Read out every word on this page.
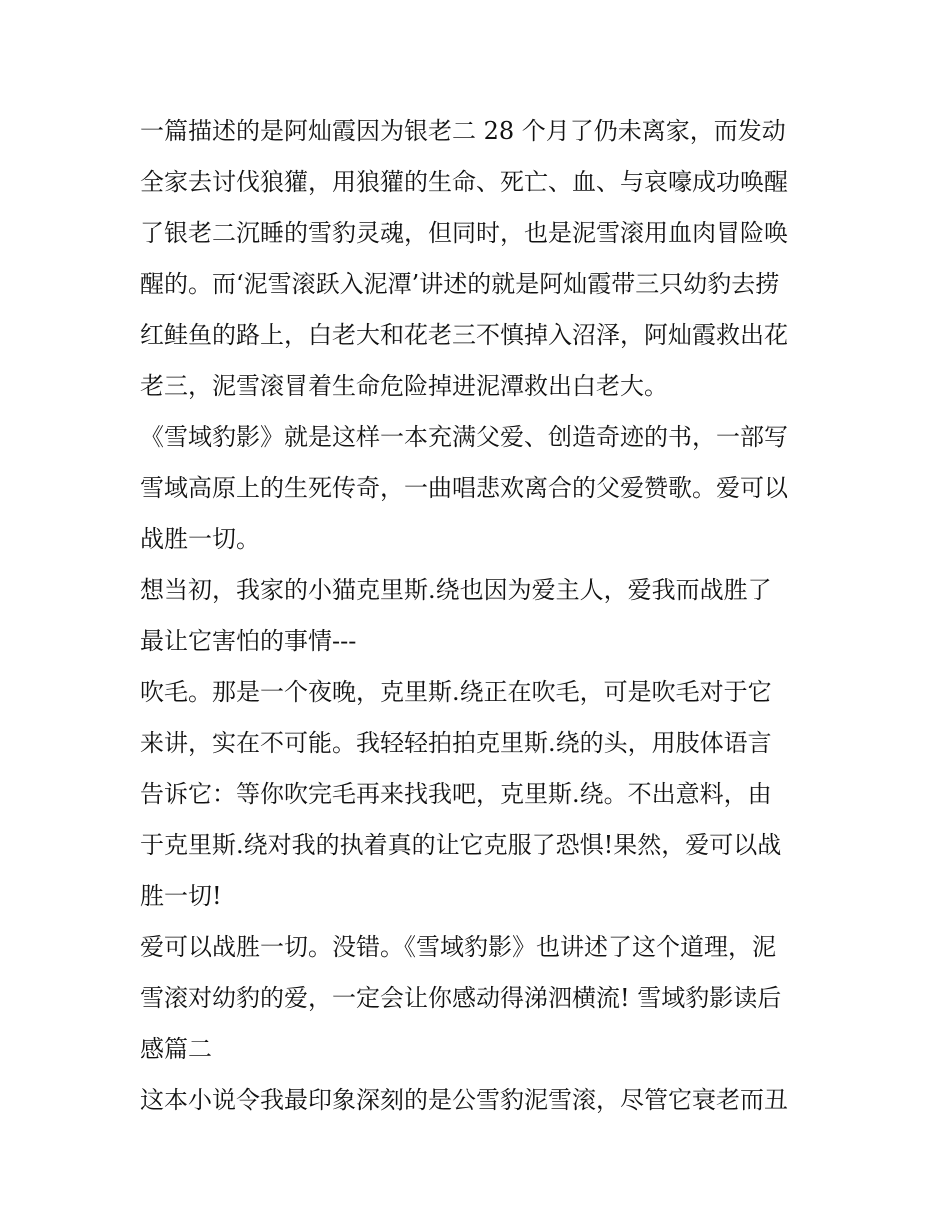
一篇描述的是阿灿霞因为银老二 28 个月了仍未离家，而发动
全家去讨伐狼獾，用狼獾的生命、死亡、血、与哀嚎成功唤醒
了银老二沉睡的雪豹灵魂，但同时，也是泥雪滚用血肉冒险唤
醒的。而‘泥雪滚跃入泥潭’讲述的就是阿灿霞带三只幼豹去捞
红鲑鱼的路上，白老大和花老三不慎掉入沼泽，阿灿霞救出花
老三，泥雪滚冒着生命危险掉进泥潭救出白老大。
《雪域豹影》就是这样一本充满父爱、创造奇迹的书，一部写
雪域高原上的生死传奇，一曲唱悲欢离合的父爱赞歌。爱可以
战胜一切。
想当初，我家的小猫克里斯.绕也因为爱主人，爱我而战胜了
最让它害怕的事情---
吹毛。那是一个夜晚，克里斯.绕正在吹毛，可是吹毛对于它
来讲，实在不可能。我轻轻拍拍克里斯.绕的头，用肢体语言
告诉它：等你吹完毛再来找我吧，克里斯.绕。不出意料，由
于克里斯.绕对我的执着真的让它克服了恐惧!果然，爱可以战
胜一切!
爱可以战胜一切。没错。《雪域豹影》也讲述了这个道理，泥
雪滚对幼豹的爱，一定会让你感动得涕泗横流! 雪域豹影读后
感篇二
这本小说令我最印象深刻的是公雪豹泥雪滚，尽管它衰老而丑
